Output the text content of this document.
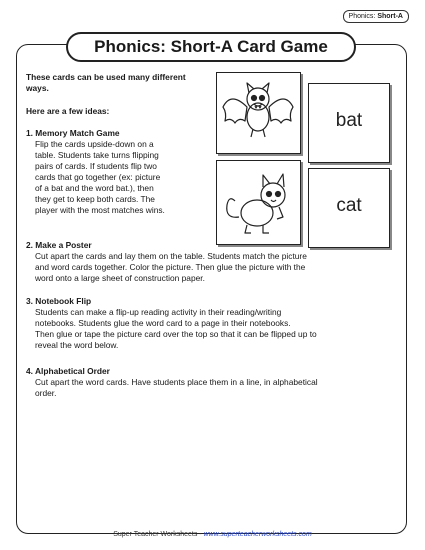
Phonics: Short-A
Phonics: Short-A Card Game
These cards can be used many different ways.
Here are a few ideas:
1. Memory Match Game
Flip the cards upside-down on a
table. Students take turns flipping
pairs of cards. If students flip two
cards that go together (ex: picture
of a bat and the word bat.), then
they get to keep both cards. The
player with the most matches wins.
2. Make a Poster
Cut apart the cards and lay them on the table. Students match the picture
and word cards together. Color the picture. Then glue the picture with the
word onto a large sheet of construction paper.
3. Notebook Flip
Students can make a flip-up reading activity in their reading/writing
notebooks. Students glue the word card to a page in their notebooks.
Then glue or tape the picture card over the top so that it can be flipped up to
reveal the word below.
4. Alphabetical Order
Cut apart the word cards. Have students place them in a line, in alphabetical
order.
bat
cat
Super Teacher Worksheets - www.superteacherworksheets.com
